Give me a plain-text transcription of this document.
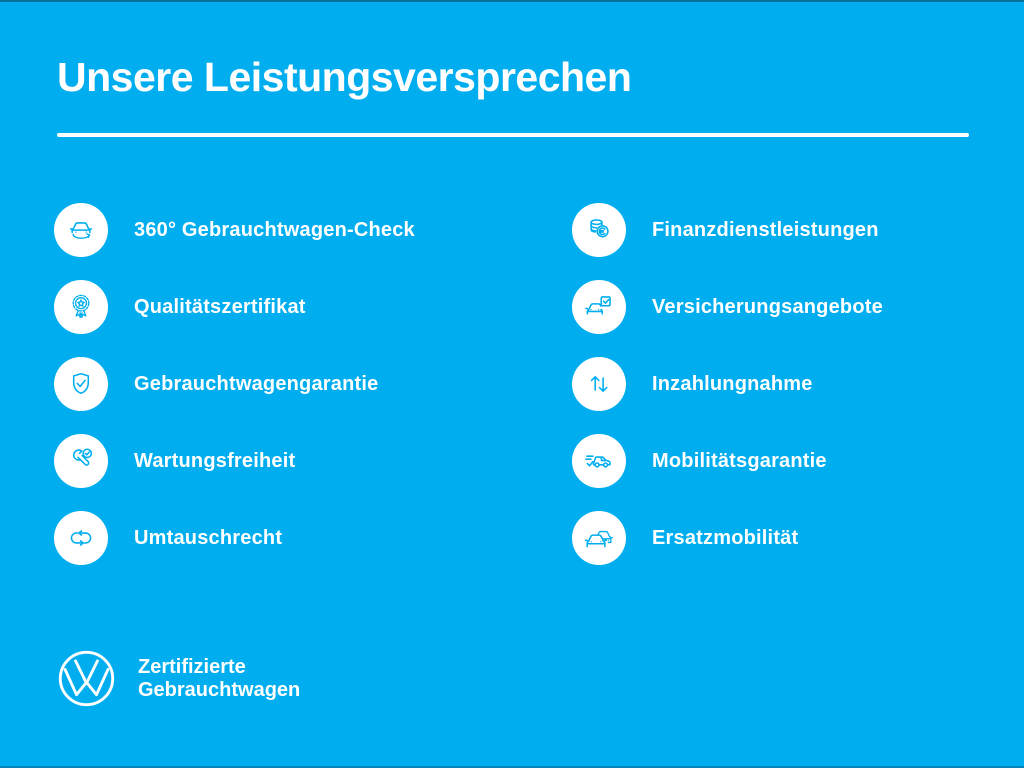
Unsere Leistungsversprechen
360° Gebrauchtwagen-Check
Qualitätszertifikat
Gebrauchtwagengarantie
Wartungsfreiheit
Umtauschrecht
Finanzdienstleistungen
Versicherungsangebote
Inzahlungnahme
Mobilitätsgarantie
Ersatzmobilität
Zertifizierte
Gebrauchtwagen
